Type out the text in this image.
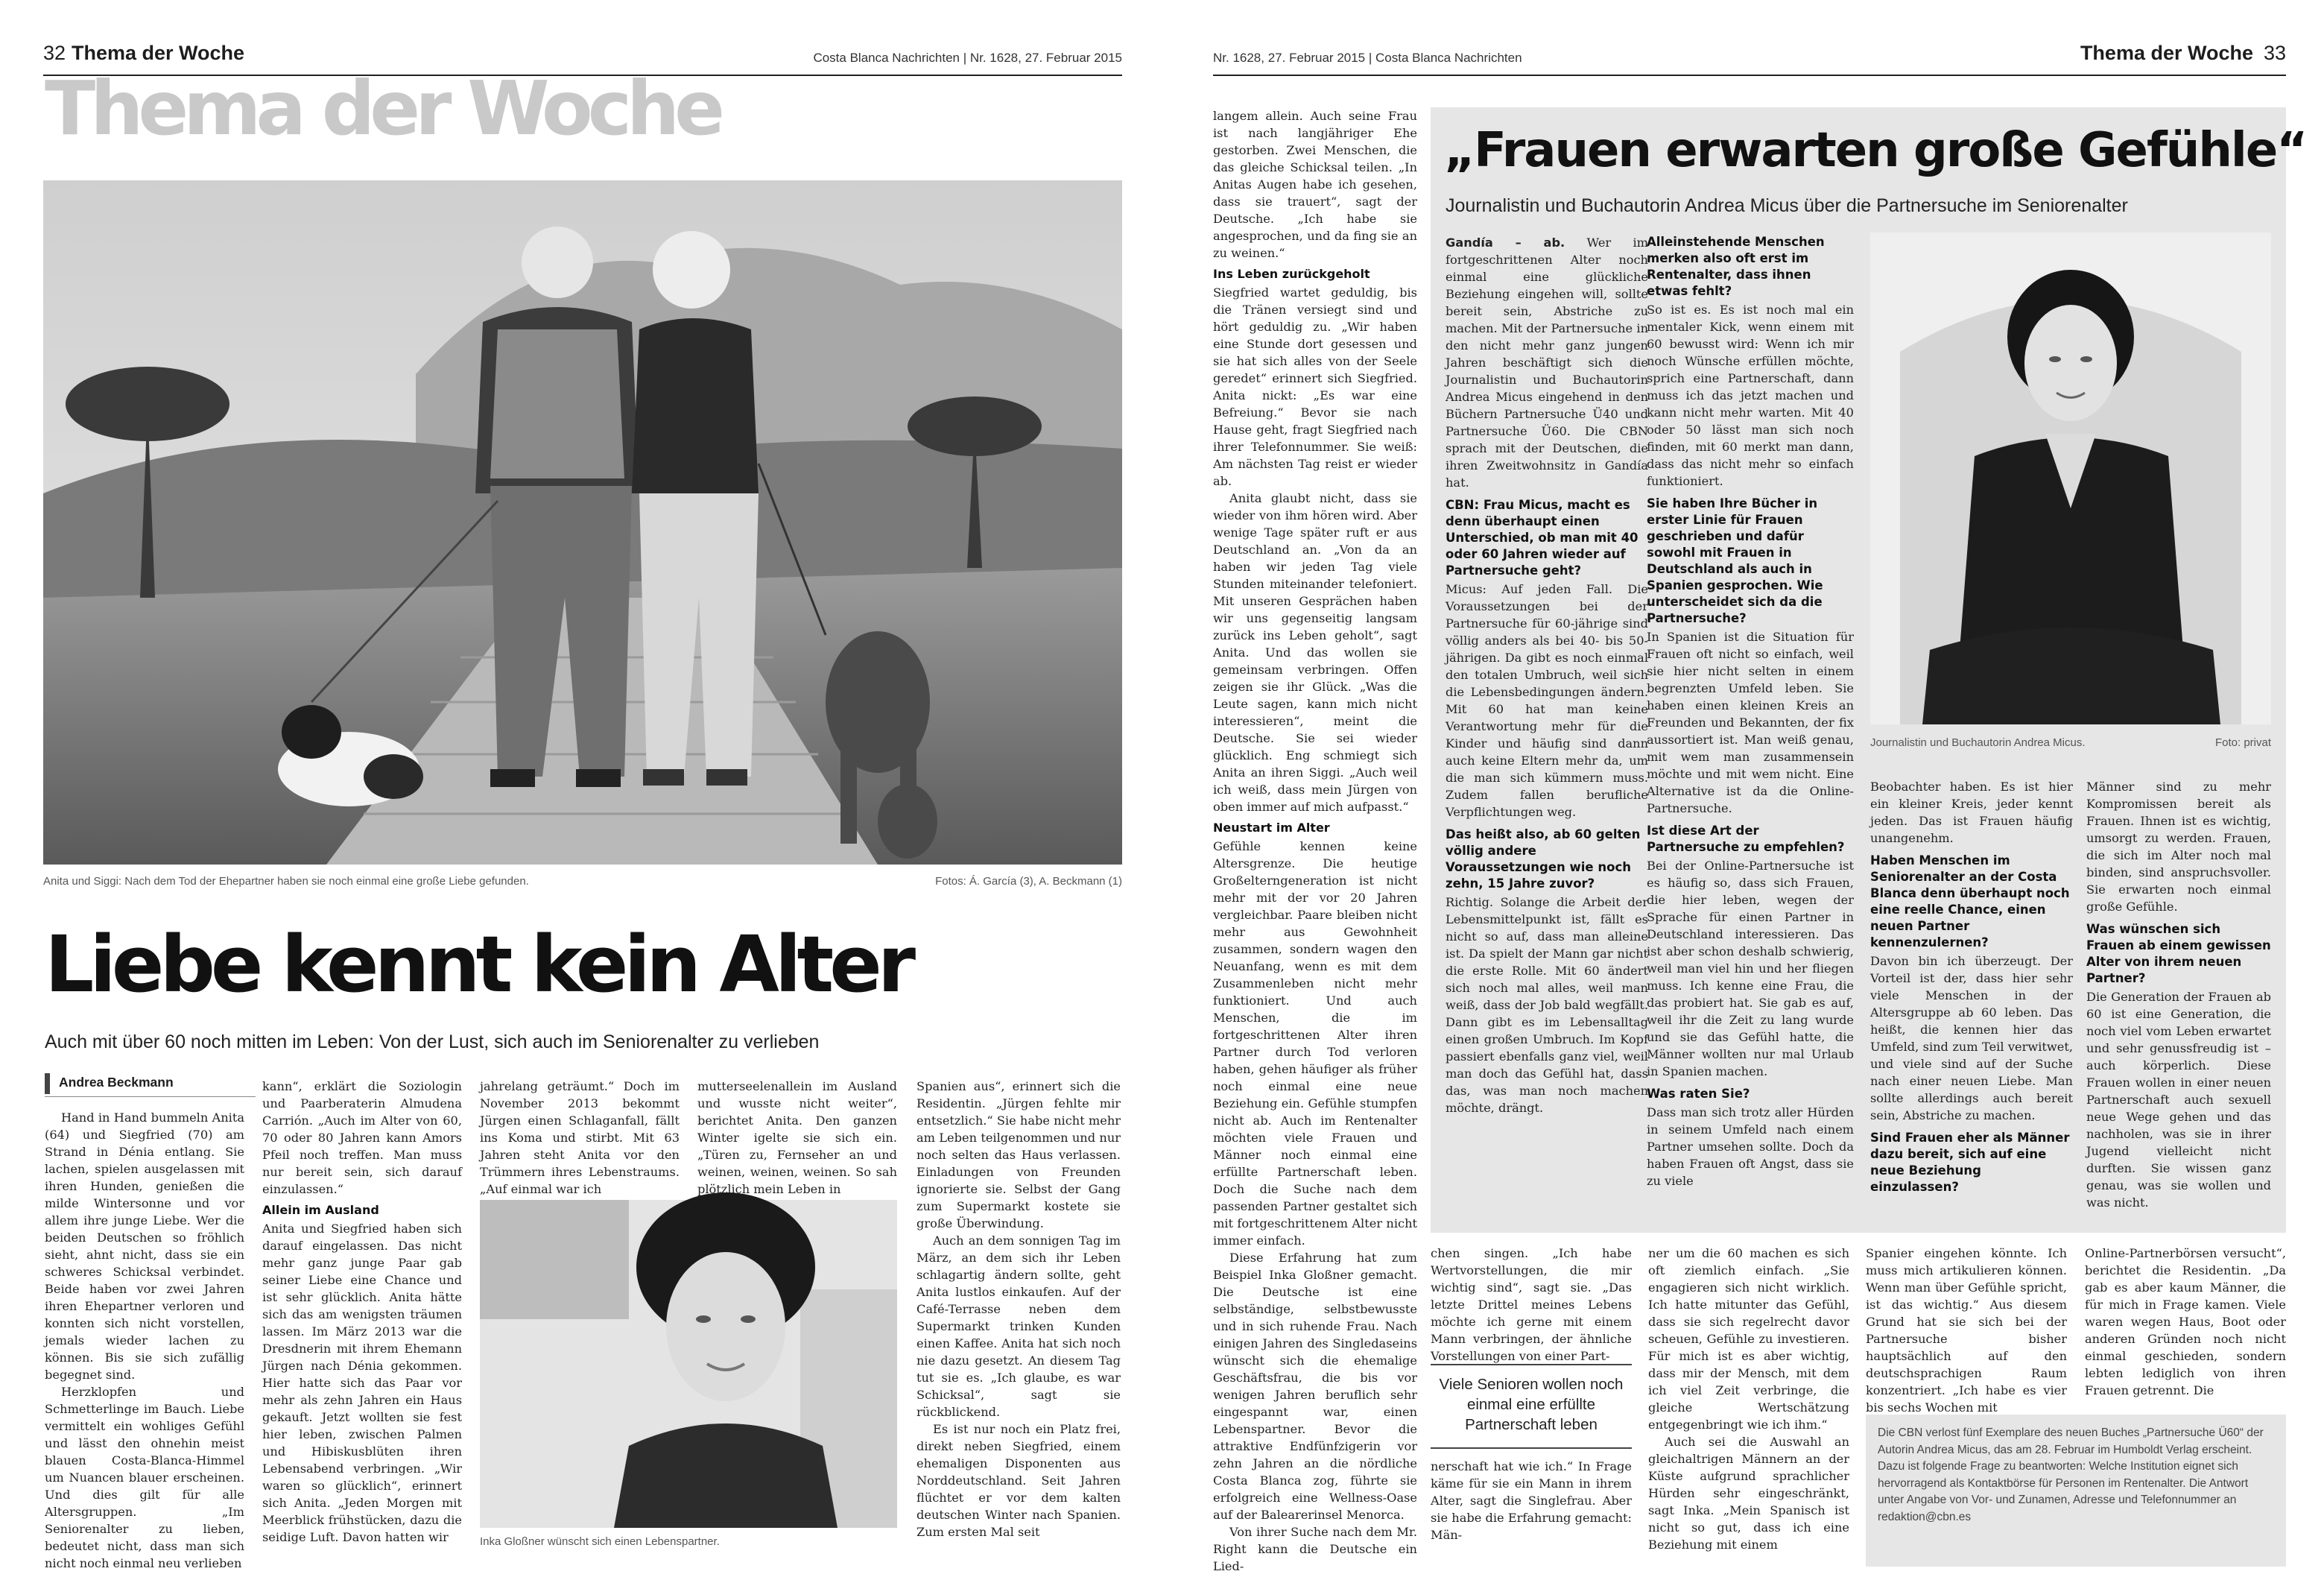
32 Thema der Woche	Costa Blanca Nachrichten | Nr. 1628, 27. Februar 2015
Thema der Woche
Anita und Siggi: Nach dem Tod der Ehepartner haben sie noch einmal eine große Liebe gefunden.	Fotos: Á. García (3), A. Beckmann (1)
Liebe kennt kein Alter
Auch mit über 60 noch mitten im Leben: Von der Lust, sich auch im Seniorenalter zu verlieben
Andrea Beckmann

Hand in Hand bummeln Anita (64) und Siegfried (70) am Strand in Dénia entlang. Sie lachen, spielen ausgelassen mit ihren Hunden, genießen die milde Wintersonne und vor allem ihre junge Liebe. Wer die beiden Deutschen so fröhlich sieht, ahnt nicht, dass sie ein schweres Schicksal verbindet. Beide haben vor zwei Jahren ihren Ehepartner verloren und konnten sich nicht vorstellen, jemals wieder lachen zu können. Bis sie sich zufällig begegnet sind.

Herzklopfen und Schmetterlinge im Bauch. Liebe vermittelt ein wohliges Gefühl und lässt den ohnehin meist blauen Costa-Blanca-Himmel um Nuancen blauer erscheinen. Und dies gilt für alle Altersgruppen. „Im Seniorenalter zu lieben, bedeutet nicht, dass man sich nicht noch einmal neu verlieben

kann“, erklärt die Soziologin und Paarberaterin Almudena Carrión. „Auch im Alter von 60, 70 oder 80 Jahren kann Amors Pfeil noch treffen. Man muss nur bereit sein, sich darauf einzulassen.“

Allein im Ausland

Anita und Siegfried haben sich darauf eingelassen. Das nicht mehr ganz junge Paar gab seiner Liebe eine Chance und ist sehr glücklich. Anita hätte sich das am wenigsten träumen lassen. Im März 2013 war die Dresdnerin mit ihrem Ehemann Jürgen nach Dénia gekommen. Hier hatte sich das Paar vor mehr als zehn Jahren ein Haus gekauft. Jetzt wollten sie fest hier leben, zwischen Palmen und Hibiskusblüten ihren Lebensabend verbringen. „Wir waren so glücklich“, erinnert sich Anita. „Jeden Morgen mit Meerblick frühstücken, dazu die seidige Luft. Davon hatten wir

jahrelang geträumt.“ Doch im November 2013 bekommt Jürgen einen Schlaganfall, fällt ins Koma und stirbt. Mit 63 Jahren steht Anita vor den Trümmern ihres Lebenstraums. „Auf einmal war ich

mutterseelenallein im Ausland und wusste nicht weiter“, berichtet Anita. Den ganzen Winter igelte sie sich ein. „Türen zu, Fernseher an und weinen, weinen, weinen. So sah plötzlich mein Leben in

Spanien aus“, erinnert sich die Residentin. „Jürgen fehlte mir entsetzlich.“ Sie habe nicht mehr am Leben teilgenommen und nur noch selten das Haus verlassen. Einladungen von Freunden ignorierte sie. Selbst der Gang zum Supermarkt kostete sie große Überwindung.

Auch an dem sonnigen Tag im März, an dem sich ihr Leben schlagartig ändern sollte, geht Anita lustlos einkaufen. Auf der Café-Terrasse neben dem Supermarkt trinken Kunden einen Kaffee. Anita hat sich noch nie dazu gesetzt. An diesem Tag tut sie es. „Ich glaube, es war Schicksal“, sagt sie rückblickend.

Es ist nur noch ein Platz frei, direkt neben Siegfried, einem ehemaligen Disponenten aus Norddeutschland. Seit Jahren flüchtet er vor dem kalten deutschen Winter nach Spanien. Zum ersten Mal seit

Inka Gloßner wünscht sich einen Lebenspartner.
Nr. 1628, 27. Februar 2015 | Costa Blanca Nachrichten	Thema der Woche 33

langem allein. Auch seine Frau ist nach langjähriger Ehe gestorben. Zwei Menschen, die das gleiche Schicksal teilen. „In Anitas Augen habe ich gesehen, dass sie trauert“, sagt der Deutsche. „Ich habe sie angesprochen, und da fing sie an zu weinen.“

Ins Leben zurückgeholt

Siegfried wartet geduldig, bis die Tränen versiegt sind und hört geduldig zu. „Wir haben eine Stunde dort gesessen und sie hat sich alles von der Seele geredet“ erinnert sich Siegfried. Anita nickt: „Es war eine Befreiung.“ Bevor sie nach Hause geht, fragt Siegfried nach ihrer Telefonnummer. Sie weiß: Am nächsten Tag reist er wieder ab.

Anita glaubt nicht, dass sie wieder von ihm hören wird. Aber wenige Tage später ruft er aus Deutschland an. „Von da an haben wir jeden Tag viele Stunden miteinander telefoniert. Mit unseren Gesprächen haben wir uns gegenseitig langsam zurück ins Leben geholt“, sagt Anita. Und das wollen sie gemeinsam verbringen. Offen zeigen sie ihr Glück. „Was die Leute sagen, kann mich nicht interessieren“, meint die Deutsche. Sie sei wieder glücklich. Eng schmiegt sich Anita an ihren Siggi. „Auch weil ich weiß, dass mein Jürgen von oben immer auf mich aufpasst.“

Neustart im Alter

Gefühle kennen keine Altersgrenze. Die heutige Großelterngeneration ist nicht mehr mit der vor 20 Jahren vergleichbar. Paare bleiben nicht mehr aus Gewohnheit zusammen, sondern wagen den Neuanfang, wenn es mit dem Zusammenleben nicht mehr funktioniert. Und auch Menschen, die im fortgeschrittenen Alter ihren Partner durch Tod verloren haben, gehen häufiger als früher noch einmal eine neue Beziehung ein. Gefühle stumpfen nicht ab. Auch im Rentenalter möchten viele Frauen und Männer noch einmal eine erfüllte Partnerschaft leben. Doch die Suche nach dem passenden Partner gestaltet sich mit fortgeschrittenem Alter nicht immer einfach.

Diese Erfahrung hat zum Beispiel Inka Gloßner gemacht. Die Deutsche ist eine selbständige, selbstbewusste und in sich ruhende Frau. Nach einigen Jahren des Singledaseins wünscht sich die ehemalige Geschäftsfrau, die bis vor wenigen Jahren beruflich sehr eingespannt war, einen Lebenspartner. Bevor die attraktive Endfünfzigerin vor zehn Jahren an die nördliche Costa Blanca zog, führte sie erfolgreich eine Wellness-Oase auf der Balearerinsel Menorca.

Von ihrer Suche nach dem Mr. Right kann die Deutsche ein Lied-

„Frauen erwarten große Gefühle“
Journalistin und Buchautorin Andrea Micus über die Partnersuche im Seniorenalter

Gandía – ab. Wer im fortgeschrittenen Alter noch einmal eine glückliche Beziehung eingehen will, sollte bereit sein, Abstriche zu machen. Mit der Partnersuche in den nicht mehr ganz jungen Jahren beschäftigt sich die Journalistin und Buchautorin Andrea Micus eingehend in den Büchern Partnersuche Ü40 und Partnersuche Ü60. Die CBN sprach mit der Deutschen, die ihren Zweitwohnsitz in Gandía hat.

CBN: Frau Micus, macht es denn überhaupt einen Unterschied, ob man mit 40 oder 60 Jahren wieder auf Partnersuche geht?

Micus: Auf jeden Fall. Die Voraussetzungen bei der Partnersuche für 60-jährige sind völlig anders als bei 40- bis 50-jährigen. Da gibt es noch einmal den totalen Umbruch, weil sich die Lebensbedingungen ändern. Mit 60 hat man keine Verantwortung mehr für die Kinder und häufig sind dann auch keine Eltern mehr da, um die man sich kümmern muss. Zudem fallen berufliche Verpflichtungen weg.

Das heißt also, ab 60 gelten völlig andere Voraussetzungen wie noch zehn, 15 Jahre zuvor?

Richtig. Solange die Arbeit der Lebensmittelpunkt ist, fällt es nicht so auf, dass man alleine ist. Da spielt der Mann gar nicht die erste Rolle. Mit 60 ändert sich noch mal alles, weil man weiß, dass der Job bald wegfällt. Dann gibt es im Lebensalltag einen großen Umbruch. Im Kopf passiert ebenfalls ganz viel, weil man doch das Gefühl hat, dass das, was man noch machen möchte, drängt.

Alleinstehende Menschen merken also oft erst im Rentenalter, dass ihnen etwas fehlt?

So ist es. Es ist noch mal ein mentaler Kick, wenn einem mit 60 bewusst wird: Wenn ich mir noch Wünsche erfüllen möchte, sprich eine Partnerschaft, dann muss ich das jetzt machen und kann nicht mehr warten. Mit 40 oder 50 lässt man sich noch finden, mit 60 merkt man dann, dass das nicht mehr so einfach funktioniert.

Sie haben Ihre Bücher in erster Linie für Frauen geschrieben und dafür sowohl mit Frauen in Deutschland als auch in Spanien gesprochen. Wie unterscheidet sich da die Partnersuche?

In Spanien ist die Situation für Frauen oft nicht so einfach, weil sie hier nicht selten in einem begrenzten Umfeld leben. Sie haben einen kleinen Kreis an Freunden und Bekannten, der fix aussortiert ist. Man weiß genau, mit wem man zusammensein möchte und mit wem nicht. Eine Alternative ist da die Online-Partnersuche.

Ist diese Art der Partnersuche zu empfehlen?

Bei der Online-Partnersuche ist es häufig so, dass sich Frauen, die hier leben, wegen der Sprache für einen Partner in Deutschland interessieren. Das ist aber schon deshalb schwierig, weil man viel hin und her fliegen muss. Ich kenne eine Frau, die das probiert hat. Sie gab es auf, weil ihr die Zeit zu lang wurde und sie das Gefühl hatte, die Männer wollten nur mal Urlaub in Spanien machen.

Was raten Sie?

Dass man sich trotz aller Hürden in seinem Umfeld nach einem Partner umsehen sollte. Doch da haben Frauen oft Angst, dass sie zu viele

Journalistin und Buchautorin Andrea Micus.	Foto: privat

Beobachter haben. Es ist hier ein kleiner Kreis, jeder kennt jeden. Das ist Frauen häufig unangenehm.

Haben Menschen im Seniorenalter an der Costa Blanca denn überhaupt noch eine reelle Chance, einen neuen Partner kennenzulernen?

Davon bin ich überzeugt. Der Vorteil ist der, dass hier sehr viele Menschen in der Altersgruppe ab 60 leben. Das heißt, die kennen hier das Umfeld, sind zum Teil verwitwet, und viele sind auf der Suche nach einer neuen Liebe. Man sollte allerdings auch bereit sein, Abstriche zu machen.

Sind Frauen eher als Männer dazu bereit, sich auf eine neue Beziehung einzulassen?

Männer sind zu mehr Kompromissen bereit als Frauen. Ihnen ist es wichtig, umsorgt zu werden. Frauen, die sich im Alter noch mal binden, sind anspruchsvoller. Sie erwarten noch einmal große Gefühle.

Was wünschen sich Frauen ab einem gewissen Alter von ihrem neuen Partner?

Die Generation der Frauen ab 60 ist eine Generation, die noch viel vom Leben erwartet und sehr genussfreudig ist – auch körperlich. Diese Frauen wollen in einer neuen Partnerschaft auch sexuell neue Wege gehen und das nachholen, was sie in ihrer Jugend vielleicht nicht durften. Sie wissen ganz genau, was sie wollen und was nicht.

chen singen. „Ich habe Wertvorstellungen, die mir wichtig sind“, sagt sie. „Das letzte Drittel meines Lebens möchte ich gerne mit einem Mann verbringen, der ähnliche Vorstellungen von einer Part-

Viele Senioren wollen noch einmal eine erfüllte Partnerschaft leben

nerschaft hat wie ich.“ In Frage käme für sie ein Mann in ihrem Alter, sagt die Singlefrau. Aber sie habe die Erfahrung gemacht: Män-

ner um die 60 machen es sich oft ziemlich einfach. „Sie engagieren sich nicht wirklich. Ich hatte mitunter das Gefühl, dass sie sich regelrecht davor scheuen, Gefühle zu investieren. Für mich ist es aber wichtig, dass mir der Mensch, mit dem ich viel Zeit verbringe, die gleiche Wertschätzung entgegenbringt wie ich ihm.“

Auch sei die Auswahl an gleichaltrigen Männern an der Küste aufgrund sprachlicher Hürden sehr eingeschränkt, sagt Inka. „Mein Spanisch ist nicht so gut, dass ich eine Beziehung mit einem

Spanier eingehen könnte. Ich muss mich artikulieren können. Wenn man über Gefühle spricht, ist das wichtig.“ Aus diesem Grund hat sie sich bei der Partnersuche bisher hauptsächlich auf den deutschsprachigen Raum konzentriert. „Ich habe es vier bis sechs Wochen mit

Online-Partnerbörsen versucht“, berichtet die Residentin. „Da gab es aber kaum Männer, die für mich in Frage kamen. Viele waren wegen Haus, Boot oder anderen Gründen noch nicht einmal geschieden, sondern lebten lediglich von ihren Frauen getrennt. Die

Die CBN verlost fünf Exemplare des neuen Buches „Partnersuche Ü60“ der Autorin Andrea Micus, das am 28. Februar im Humboldt Verlag erscheint. Dazu ist folgende Frage zu beantworten: Welche Institution eignet sich hervorragend als Kontaktbörse für Personen im Rentenalter. Die Antwort unter Angabe von Vor- und Zunamen, Adresse und Telefonnummer an redaktion@cbn.es
